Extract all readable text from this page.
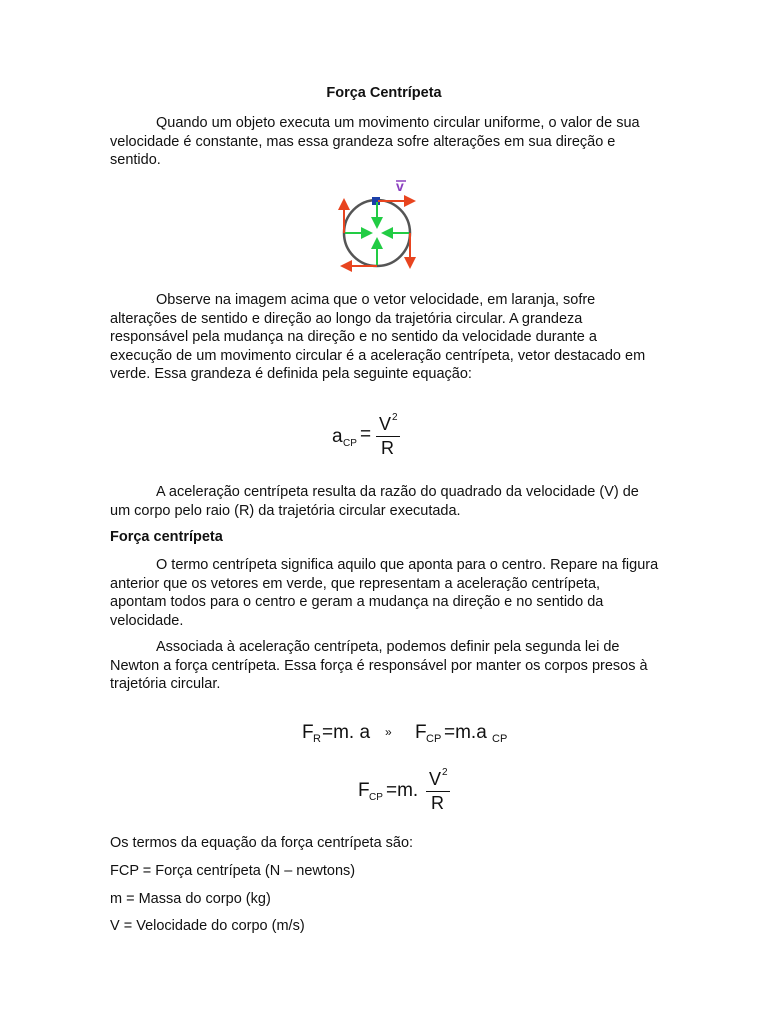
Força Centrípeta

Quando um objeto executa um movimento circular uniforme, o valor de sua velocidade é constante, mas essa grandeza sofre alterações em sua direção e sentido.

v

Observe na imagem acima que o vetor velocidade, em laranja, sofre alterações de sentido e direção ao longo da trajetória circular. A grandeza responsável pela mudança na direção e no sentido da velocidade durante a execução de um movimento circular é a aceleração centrípeta, vetor destacado em verde. Essa grandeza é definida pela seguinte equação:

a CP = V 2
R

A aceleração centrípeta resulta da razão do quadrado da velocidade (V) de um corpo pelo raio (R) da trajetória circular executada.

Força centrípeta

O termo centrípeta significa aquilo que aponta para o centro. Repare na figura anterior que os vetores em verde, que representam a aceleração centrípeta, apontam todos para o centro e geram a mudança na direção e no sentido da velocidade.

Associada à aceleração centrípeta, podemos definir pela segunda lei de Newton a força centrípeta. Essa força é responsável por manter os corpos presos à trajetória circular.

F R =m. a » F CP =m.a CP
F CP =m.
V 2
R
Os termos da equação da força centrípeta são:
FCP = Força centrípeta (N – newtons)
m = Massa do corpo (kg)
V = Velocidade do corpo (m/s)
